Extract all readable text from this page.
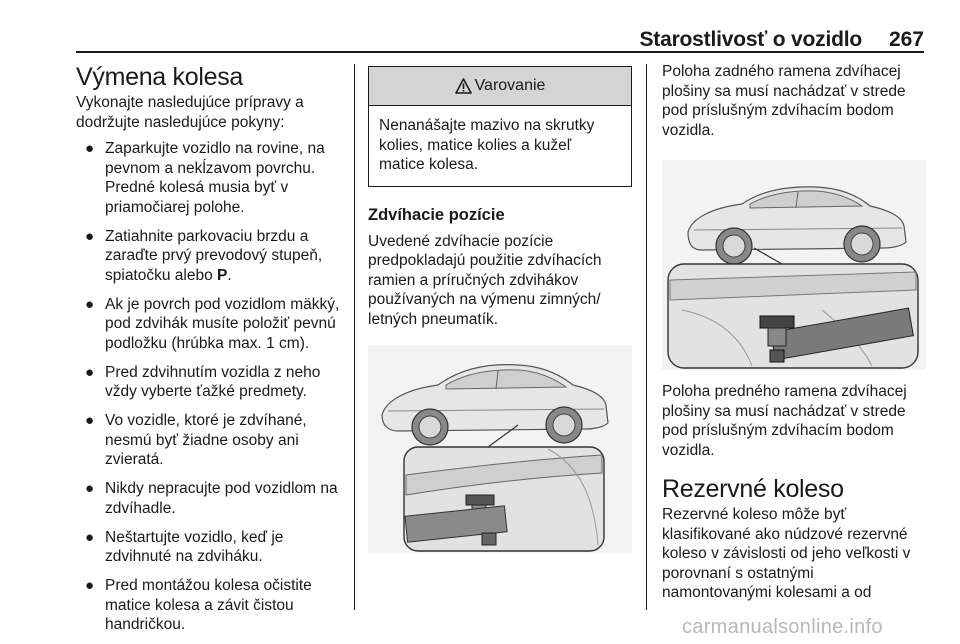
Starostlivosť o vozidlo 267
Výmena kolesa

Vykonajte nasledujúce prípravy a dodržujte nasledujúce pokyny:

● Zaparkujte vozidlo na rovine, na pevnom a nekĺzavom povrchu. Predné kolesá musia byť v priamočiarej polohe.
● Zatiahnite parkovaciu brzdu a zaraďte prvý prevodový stupeň, spiatočku alebo P.
● Ak je povrch pod vozidlom mäkký, pod zdvihák musíte položiť pevnú podložku (hrúbka max. 1 cm).
● Pred zdvihnutím vozidla z neho vždy vyberte ťažké predmety.
● Vo vozidle, ktoré je zdvíhané, nesmú byť žiadne osoby ani zvieratá.
● Nikdy nepracujte pod vozidlom na zdvíhadle.
● Neštartujte vozidlo, keď je zdvihnuté na zdviháku.
● Pred montážou kolesa očistite matice kolesa a závit čistou handričkou.
Varovanie
Nenanášajte mazivo na skrutky kolies, matice kolies a kužeľ matice kolesa.
Zdvíhacie pozície

Uvedené zdvíhacie pozície predpokladajú použitie zdvíhacích ramien a príručných zdvihákov používaných na výmenu zimných/ letných pneumatík.

Poloha zadného ramena zdvíhacej plošiny sa musí nachádzať v strede pod príslušným zdvíhacím bodom vozidla.

Poloha predného ramena zdvíhacej plošiny sa musí nachádzať v strede pod príslušným zdvíhacím bodom vozidla.

Rezervné koleso

Rezervné koleso môže byť klasifikované ako núdzové rezervné koleso v závislosti od jeho veľkosti v porovnaní s ostatnými namontovanými kolesami a od

carmanualsonline.info
